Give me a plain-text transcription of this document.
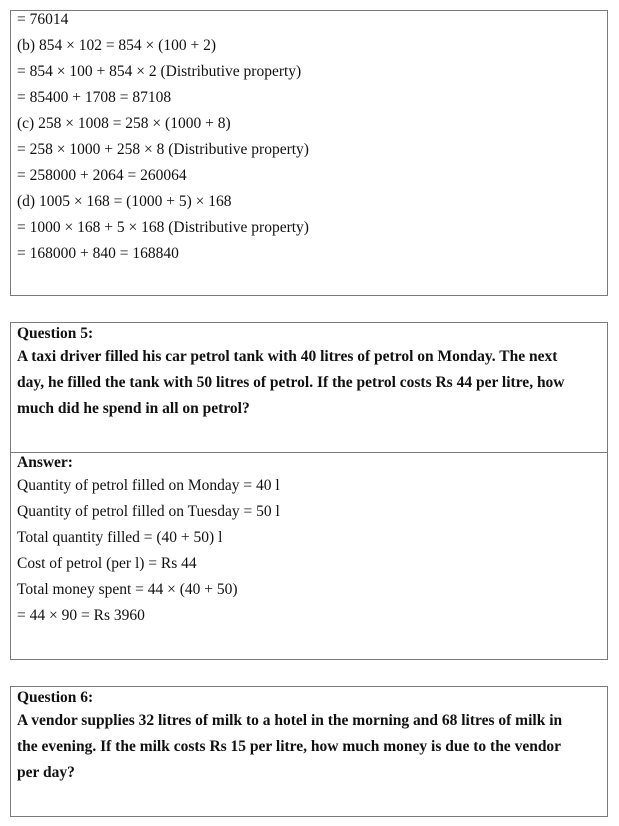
= 76014
(b) 854 × 102 = 854 × (100 + 2)
= 854 × 100 + 854 × 2 (Distributive property)
= 85400 + 1708 = 87108
(c) 258 × 1008 = 258 × (1000 + 8)
= 258 × 1000 + 258 × 8 (Distributive property)
= 258000 + 2064 = 260064
(d) 1005 × 168 = (1000 + 5) × 168
= 1000 × 168 + 5 × 168 (Distributive property)
= 168000 + 840 = 168840
Question 5:
A taxi driver filled his car petrol tank with 40 litres of petrol on Monday. The next
day, he filled the tank with 50 litres of petrol. If the petrol costs Rs 44 per litre, how
much did he spend in all on petrol?
Answer:
Quantity of petrol filled on Monday = 40 l
Quantity of petrol filled on Tuesday = 50 l
Total quantity filled = (40 + 50) l
Cost of petrol (per l) = Rs 44
Total money spent = 44 × (40 + 50)
= 44 × 90 = Rs 3960
Question 6:
A vendor supplies 32 litres of milk to a hotel in the morning and 68 litres of milk in
the evening. If the milk costs Rs 15 per litre, how much money is due to the vendor
per day?
